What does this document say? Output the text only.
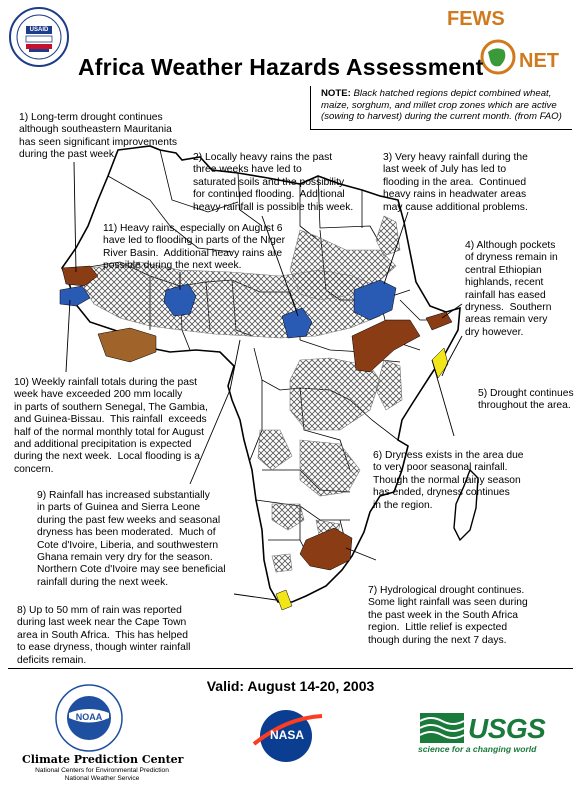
USAID	FEWS
NET
Africa Weather Hazards Assessment
NOTE: Black hatched regions depict combined wheat, maize, sorghum, and millet crop zones which are active (sowing to harvest) during the current month. (from FAO)
1) Long-term drought continues
although southeastern Mauritania
has seen significant improvements
during the past week.	2) Locally heavy rains the past
three weeks have led to
saturated soils and the possibility
for continued flooding.  Additional
heavy rainfall is possible this week.
3) Very heavy rainfall during the
last week of July has led to
flooding in the area.  Continued
heavy rains in headwater areas
may cause additional problems.
4) Although pockets
of dryness remain in
central Ethiopian
highlands, recent
rainfall has eased
dryness.  Southern
areas remain very
dry however.
5) Drought continues
throughout the area.
6) Dryness exists in the area due
to very poor seasonal rainfall.
Though the normal rainy season
has ended, dryness continues
in the region.
7) Hydrological drought continues.
Some light rainfall was seen during
the past week in the South Africa
region.  Little relief is expected
though during the next 7 days.
8) Up to 50 mm of rain was reported
during last week near the Cape Town
area in South Africa.  This has helped
to ease dryness, though winter rainfall
deficits remain.
9) Rainfall has increased substantially
in parts of Guinea and Sierra Leone
during the past few weeks and seasonal
dryness has been moderated.  Much of
Cote d'Ivoire, Liberia, and southwestern
Ghana remain very dry for the season.
Northern Cote d'Ivoire may see beneficial
rainfall during the next week.
10) Weekly rainfall totals during the past
week have exceeded 200 mm locally
in parts of southern Senegal, The Gambia,
and Guinea-Bissau.  This rainfall  exceeds
half of the normal monthly total for August
and additional precipitation is expected
during the next week.  Local flooding is a
concern.
11) Heavy rains, especially on August 6
have led to flooding in parts of the Niger
River Basin.  Additional heavy rains are
possible during the next week.
Valid: August 14-20, 2003
NOAA
Climate Prediction Center
National Centers for Environmental Prediction
National Weather Service
NASA	USGS
science for a changing world
